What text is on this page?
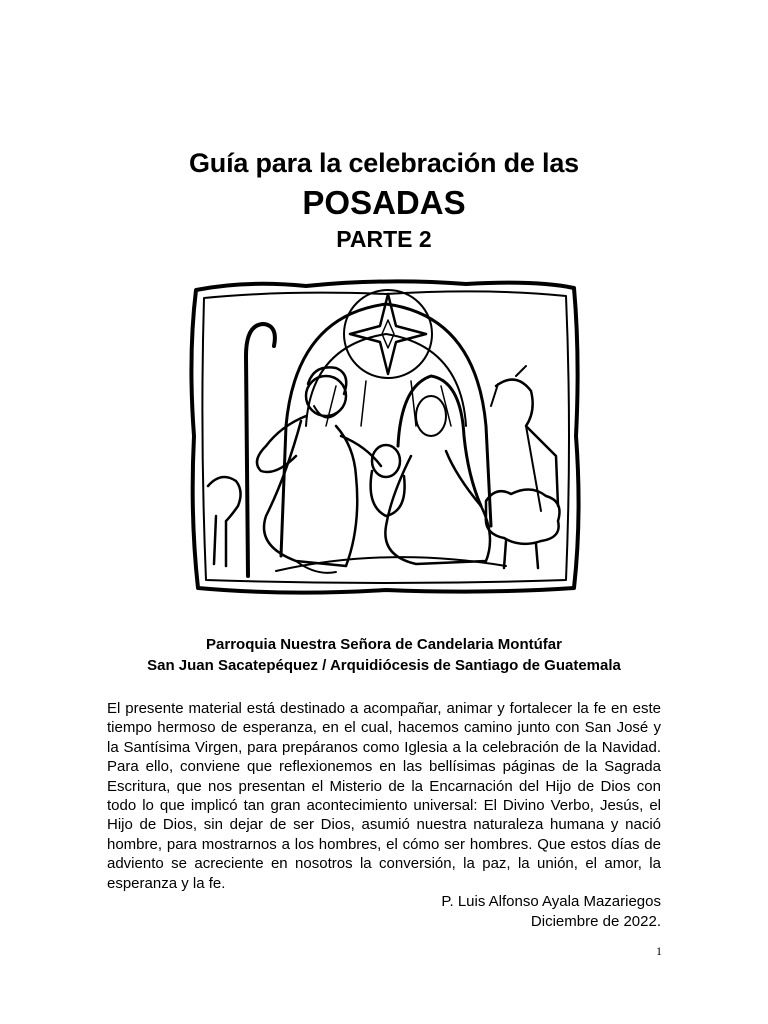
Guía para la celebración de las
POSADAS
PARTE 2
Parroquia Nuestra Señora de Candelaria Montúfar
San Juan Sacatepéquez / Arquidiócesis de Santiago de Guatemala

El presente material está destinado a acompañar, animar y fortalecer la fe en este tiempo hermoso de esperanza, en el cual, hacemos camino junto con San José y la Santísima Virgen, para prepáranos como Iglesia a la celebración de la Navidad. Para ello, conviene que reflexionemos en las bellísimas páginas de la Sagrada Escritura, que nos presentan el Misterio de la Encarnación del Hijo de Dios con todo lo que implicó tan gran acontecimiento universal: El Divino Verbo, Jesús, el Hijo de Dios, sin dejar de ser Dios, asumió nuestra naturaleza humana y nació hombre, para mostrarnos a los hombres, el cómo ser hombres. Que estos días de adviento se acreciente en nosotros la conversión, la paz, la unión, el amor, la esperanza y la fe.

P. Luis Alfonso Ayala Mazariegos
Diciembre de 2022.
1
